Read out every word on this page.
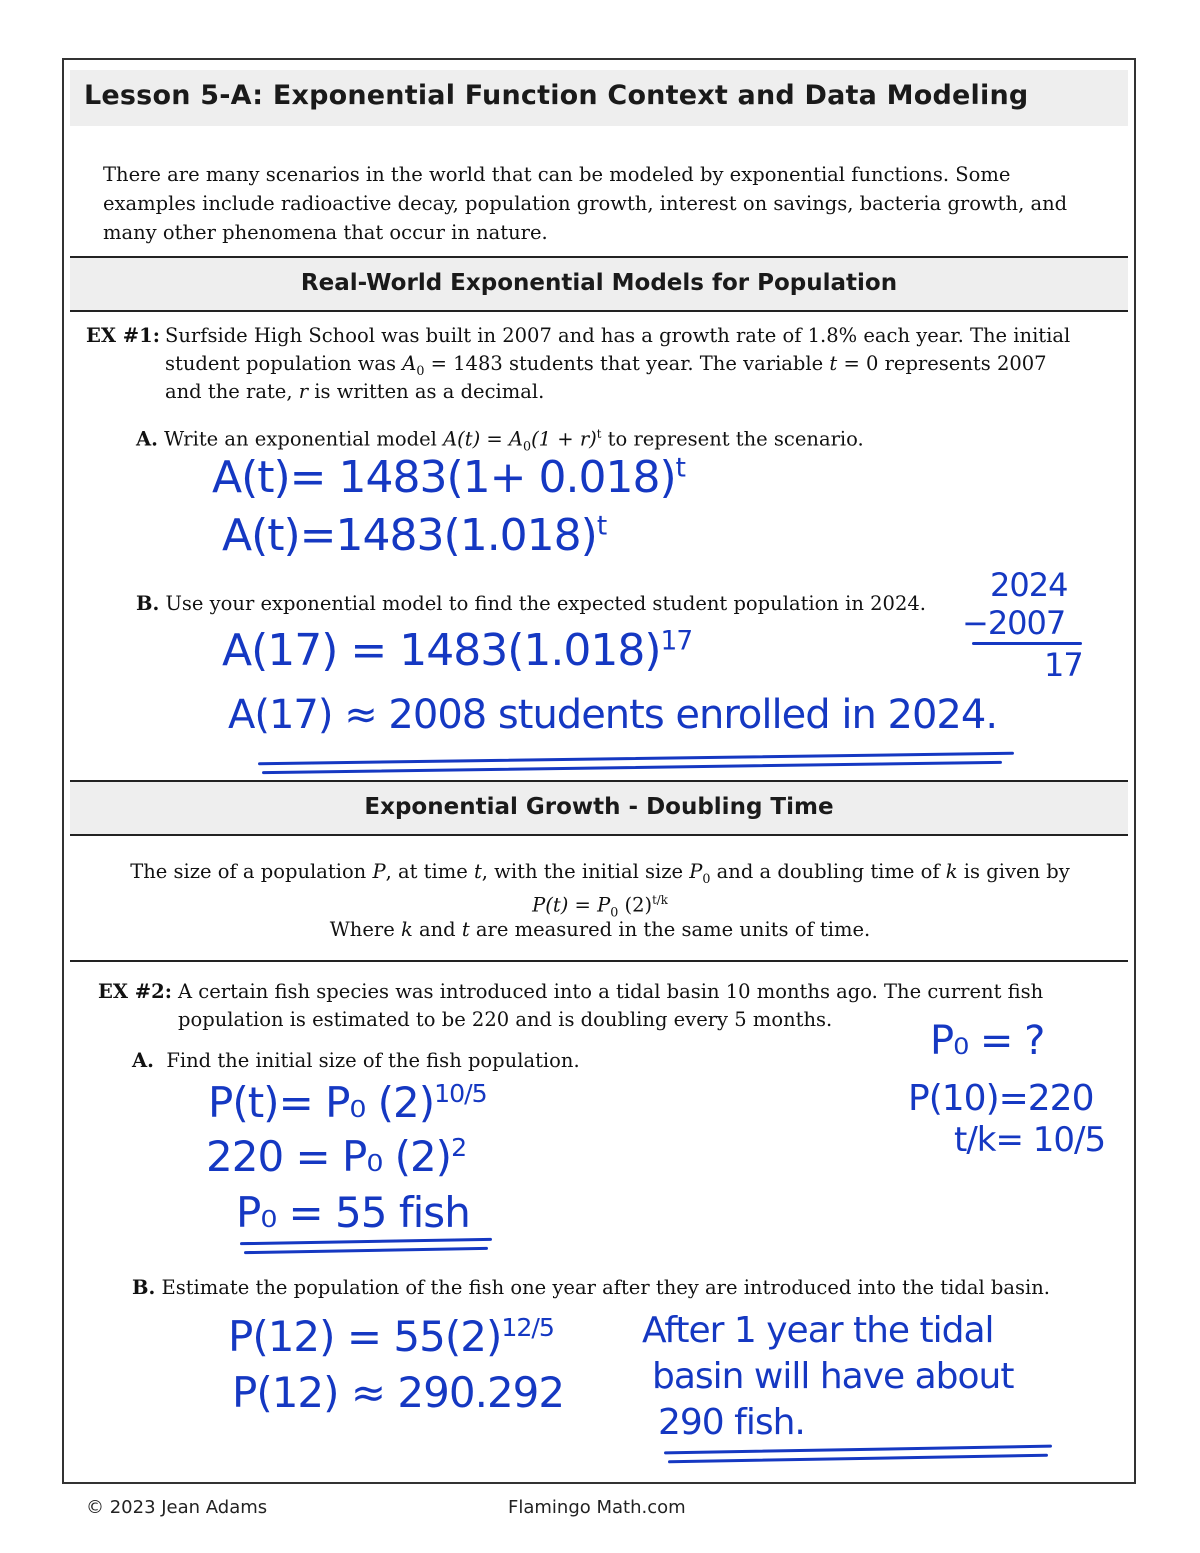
Lesson 5-A: Exponential Function Context and Data Modeling
There are many scenarios in the world that can be modeled by exponential functions. Some examples include radioactive decay, population growth, interest on savings, bacteria growth, and many other phenomena that occur in nature.
Real-World Exponential Models for Population
EX #1: Surfside High School was built in 2007 and has a growth rate of 1.8% each year. The initial
student population was $A_0 = 1483$ students that year. The variable t = 0 represents 2007
and the rate, r is written as a decimal.
A. Write an exponential model $A(t) = A_0(1 + r)^t$ to represent the scenario.
$A(t)= 1483(1+ 0.018)^t$
$A(t)=1483(1.018)^t$
B. Use your exponential model to find the expected student population in 2024.
$A(17) = 1483(1.018)^{17}$
A(17) ≈ 2008 students enrolled in 2024.
2024
−2007
17
Exponential Growth - Doubling Time
The size of a population P, at time t, with the initial size $P_0$ and a doubling time of k is given by
$P(t) = P_0$ $(2)^{t/k}$
Where k and t are measured in the same units of time.
EX #2: A certain fish species was introduced into a tidal basin 10 months ago. The current fish
population is estimated to be 220 and is doubling every 5 months.
A. Find the initial size of the fish population.
P(t)= P₀ $(2)^{10/5}$
220 = P₀ $(2)^2$
P₀ = 55 fish
P₀ = ?
P(10)=220
t/k= 10/5
B. Estimate the population of the fish one year after they are introduced into the tidal basin.
$P(12) = 55(2)^{12/5}$
P(12) ≈ 290.292
After 1 year the tidal
basin will have about
290 fish.
© 2023 Jean Adams	Flamingo Math.com
